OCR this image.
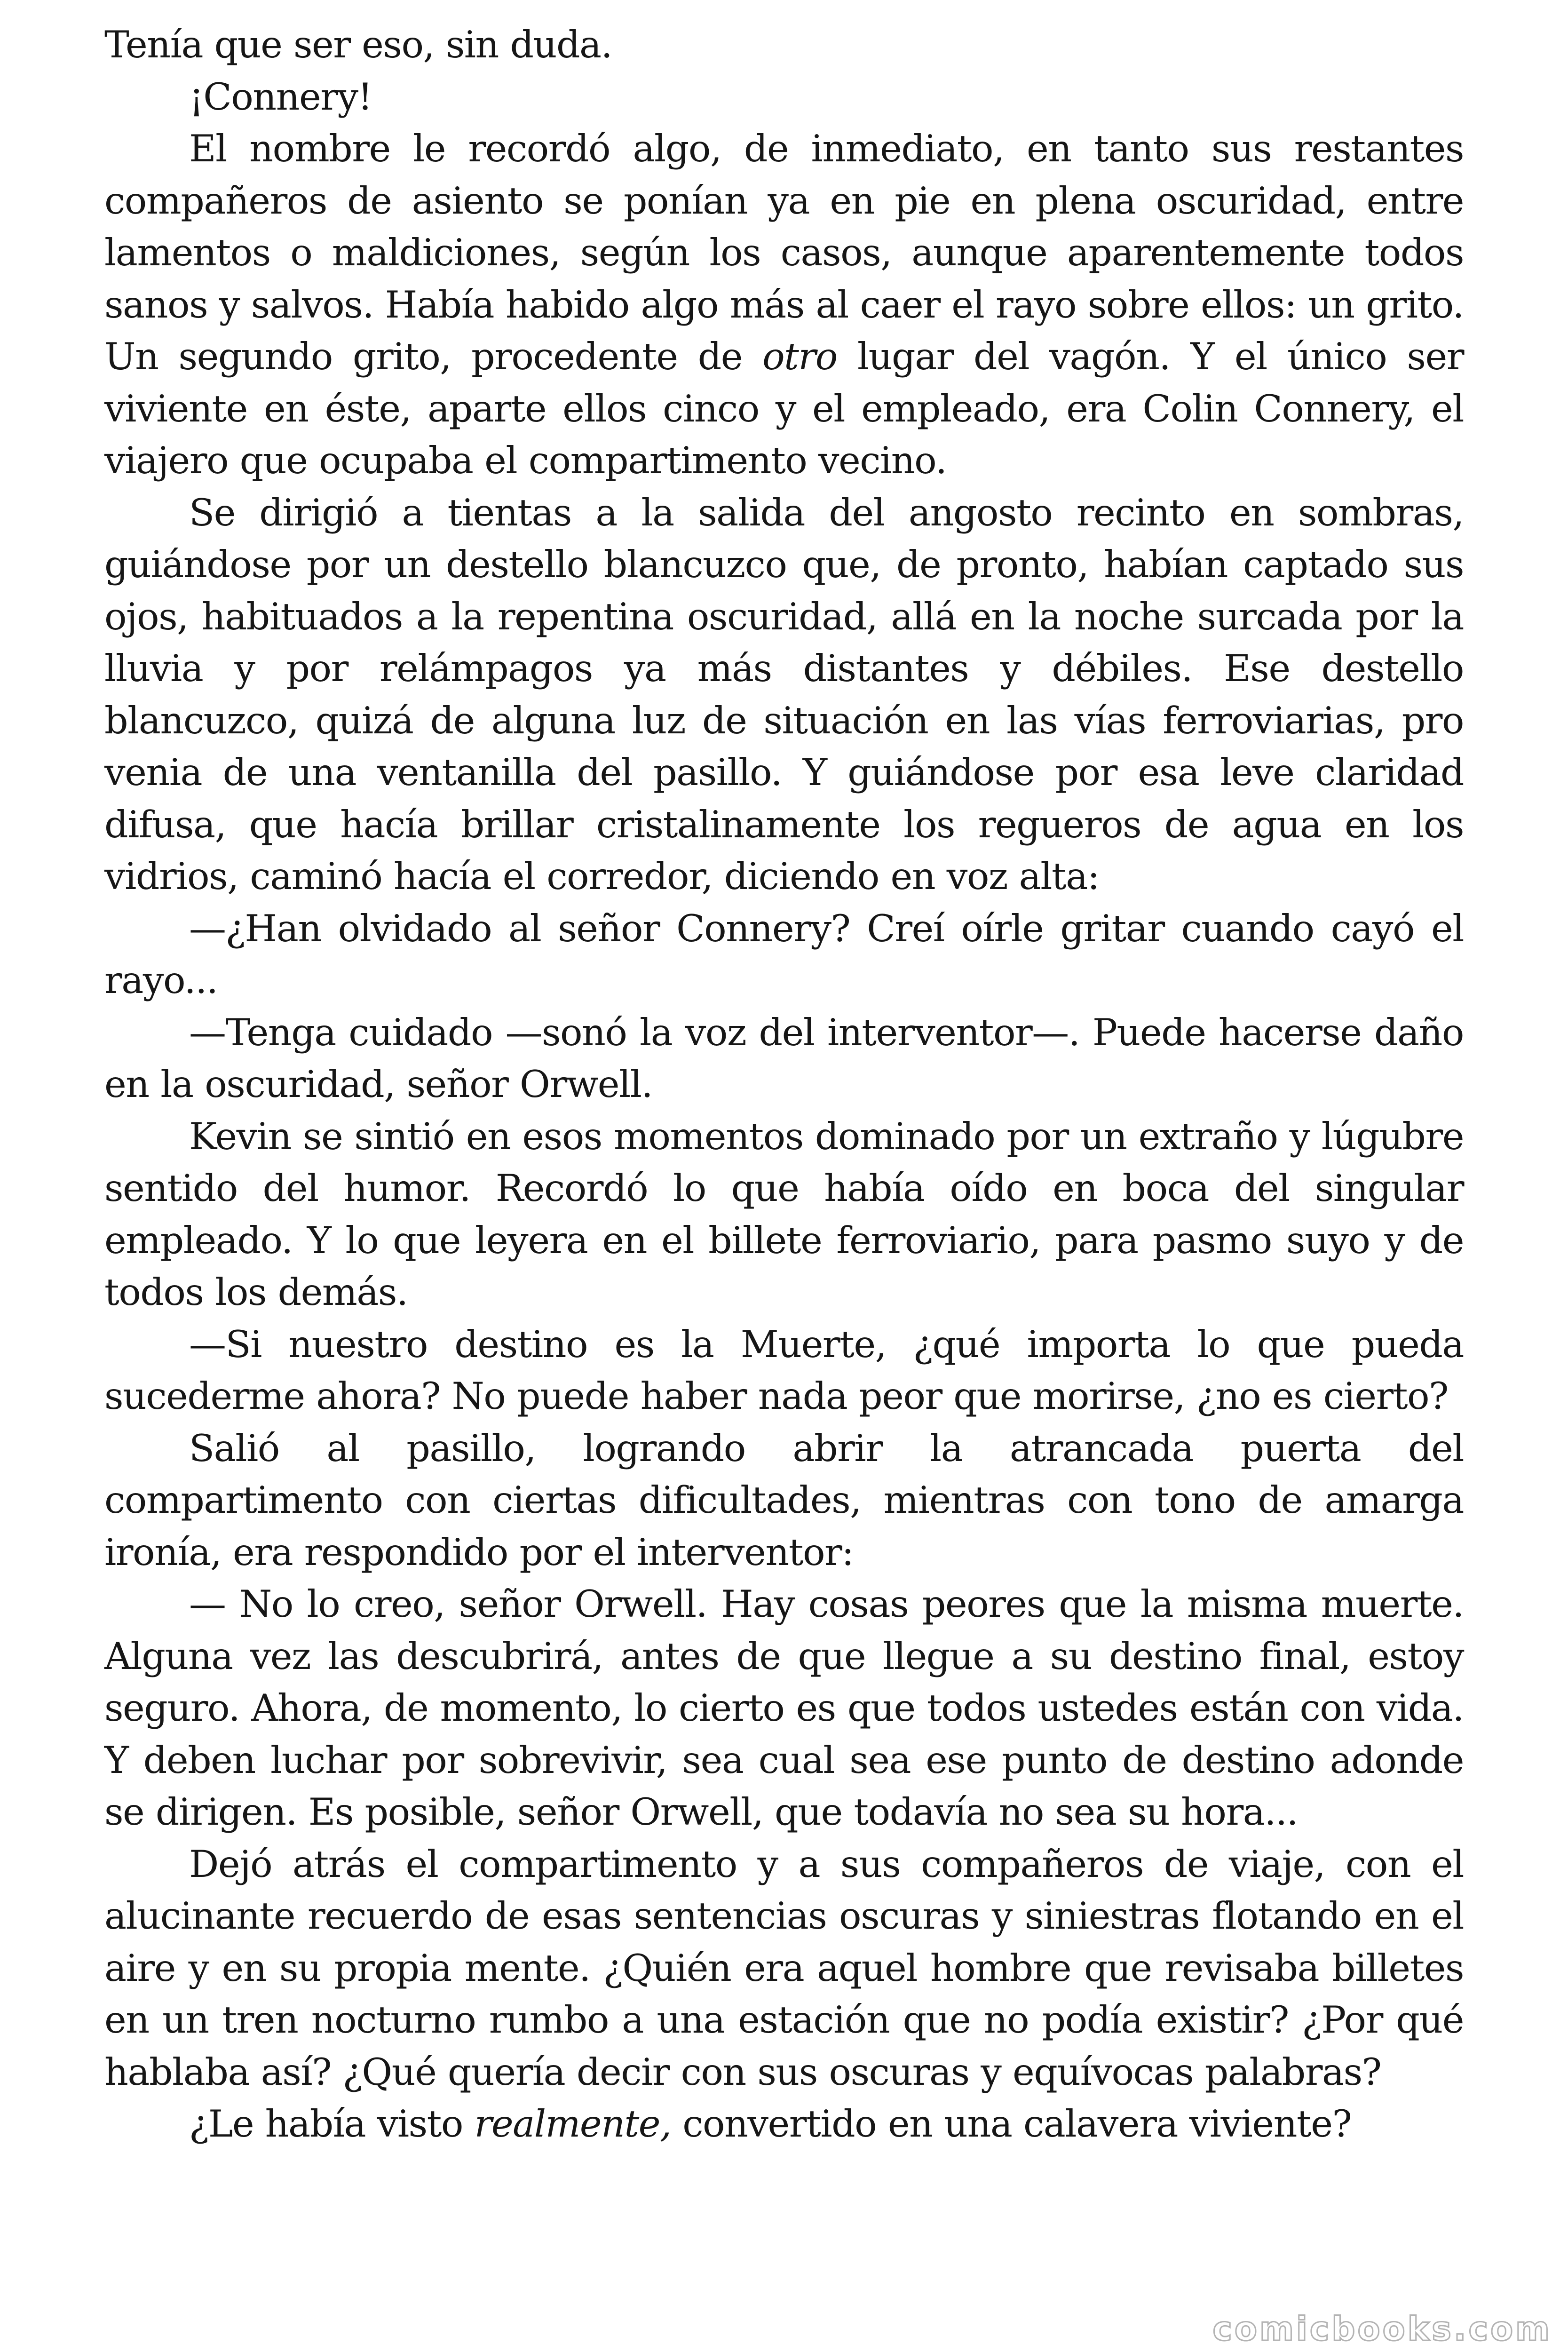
Tenía que ser eso, sin duda.

¡Connery!

El nombre le recordó algo, de inmediato, en tanto sus restantes compañeros de asiento se ponían ya en pie en plena oscuridad, entre lamentos o maldiciones, según los casos, aunque aparentemente todos sanos y salvos. Había habido algo más al caer el rayo sobre ellos: un grito. Un segundo grito, procedente de otro lugar del vagón. Y el único ser viviente en éste, aparte ellos cinco y el empleado, era Colin Connery, el viajero que ocupaba el compartimento vecino.

Se dirigió a tientas a la salida del angosto recinto en sombras, guiándose por un destello blancuzco que, de pronto, habían captado sus ojos, habituados a la repentina oscuridad, allá en la noche surcada por la lluvia y por relámpagos ya más distantes y débiles. Ese destello blancuzco, quizá de alguna luz de situación en las vías ferroviarias, pro venia de una ventanilla del pasillo. Y guiándose por esa leve claridad difusa, que hacía brillar cristalinamente los regueros de agua en los vidrios, caminó hacía el corredor, diciendo en voz alta:

—¿Han olvidado al señor Connery? Creí oírle gritar cuando cayó el rayo...

—Tenga cuidado —sonó la voz del interventor—. Puede hacerse daño en la oscuridad, señor Orwell.

Kevin se sintió en esos momentos dominado por un extraño y lúgubre sentido del humor. Recordó lo que había oído en boca del singular empleado. Y lo que leyera en el billete ferroviario, para pasmo suyo y de todos los demás.

—Si nuestro destino es la Muerte, ¿qué importa lo que pueda sucederme ahora? No puede haber nada peor que morirse, ¿no es cierto?

Salió al pasillo, logrando abrir la atrancada puerta del compartimento con ciertas dificultades, mientras con tono de amarga ironía, era respondido por el interventor:

— No lo creo, señor Orwell. Hay cosas peores que la misma muerte. Alguna vez las descubrirá, antes de que llegue a su destino final, estoy seguro. Ahora, de momento, lo cierto es que todos ustedes están con vida. Y deben luchar por sobrevivir, sea cual sea ese punto de destino adonde se dirigen. Es posible, señor Orwell, que todavía no sea su hora...

Dejó atrás el compartimento y a sus compañeros de viaje, con el alucinante recuerdo de esas sentencias oscuras y siniestras flotando en el aire y en su propia mente. ¿Quién era aquel hombre que revisaba billetes en un tren nocturno rumbo a una estación que no podía existir? ¿Por qué hablaba así? ¿Qué quería decir con sus oscuras y equívocas palabras?

¿Le había visto realmente, convertido en una calavera viviente?

comicbooks.com
